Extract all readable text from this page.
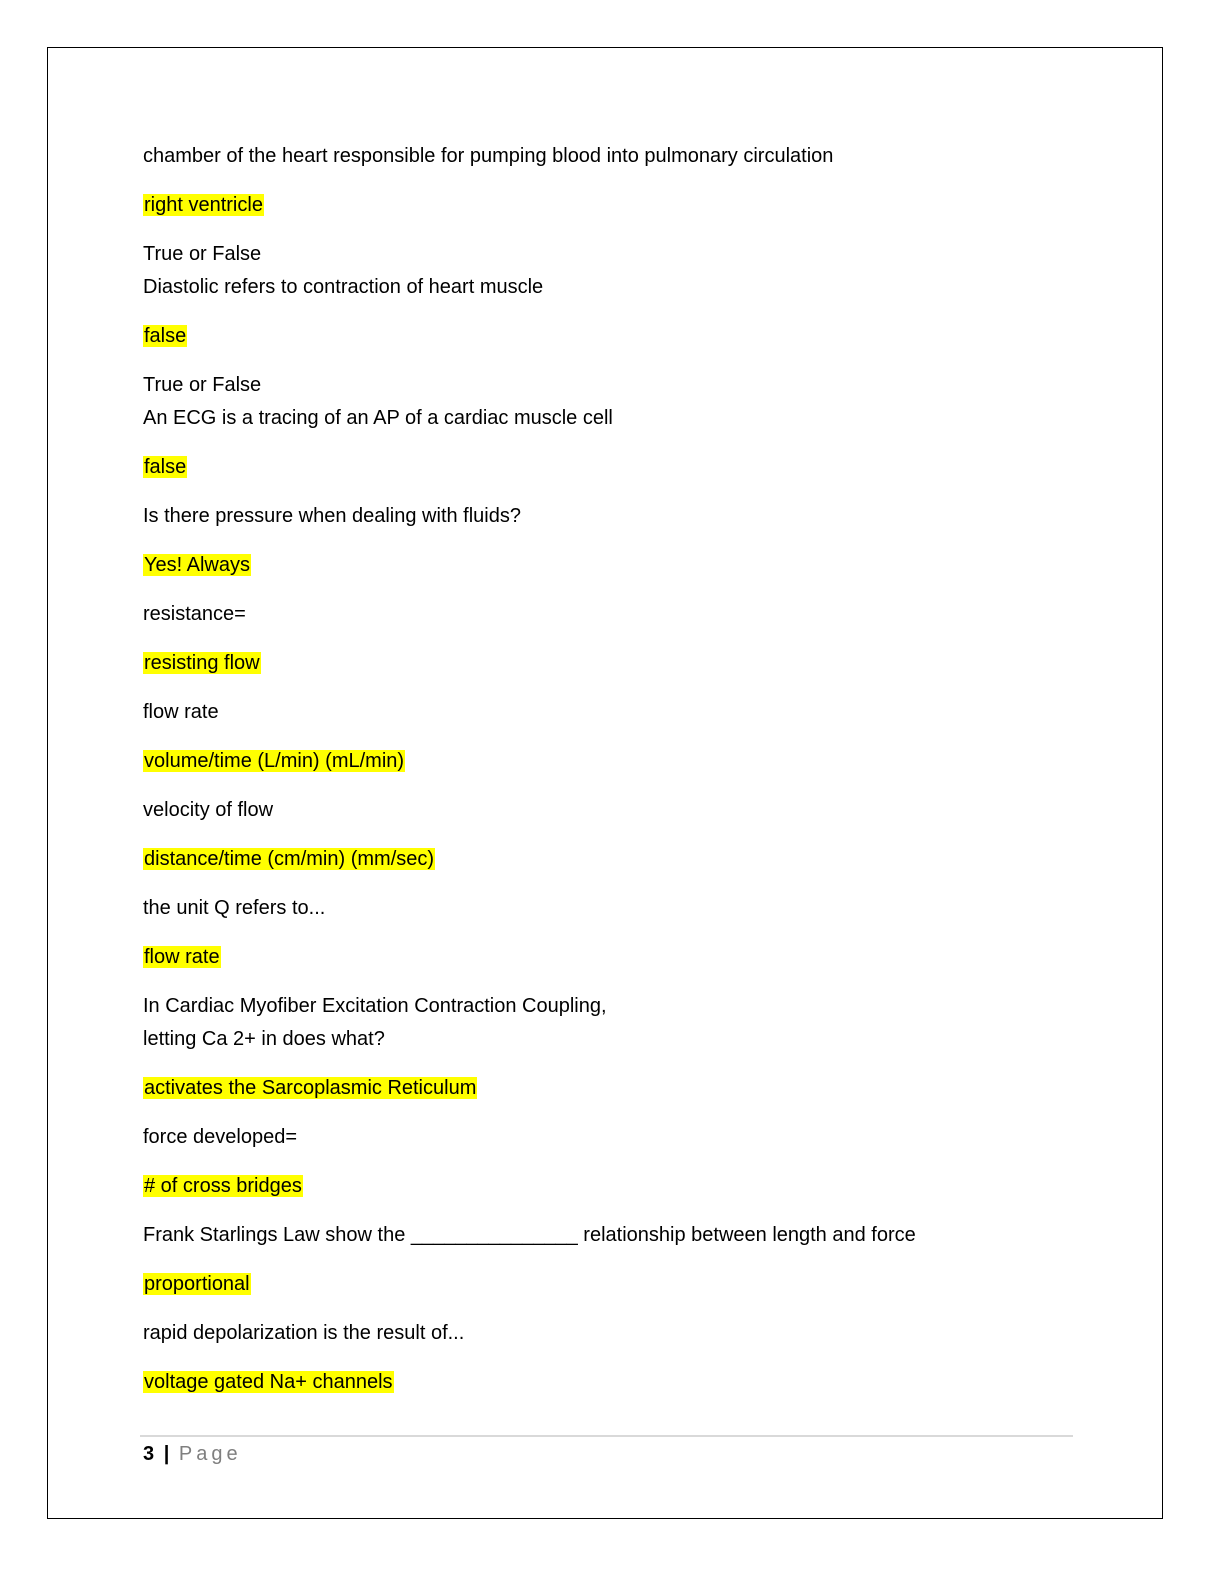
chamber of the heart responsible for pumping blood into pulmonary circulation

right ventricle

True or False

Diastolic refers to contraction of heart muscle

false

True or False

An ECG is a tracing of an AP of a cardiac muscle cell

false

Is there pressure when dealing with fluids?

Yes! Always

resistance=

resisting flow

flow rate

volume/time (L/min) (mL/min)

velocity of flow

distance/time (cm/min) (mm/sec)

the unit Q refers to...

flow rate

In Cardiac Myofiber Excitation Contraction Coupling,

letting Ca 2+ in does what?

activates the Sarcoplasmic Reticulum

force developed=

# of cross bridges

Frank Starlings Law show the _______________ relationship between length and force

proportional

rapid depolarization is the result of...

voltage gated Na+ channels

3 | Page
